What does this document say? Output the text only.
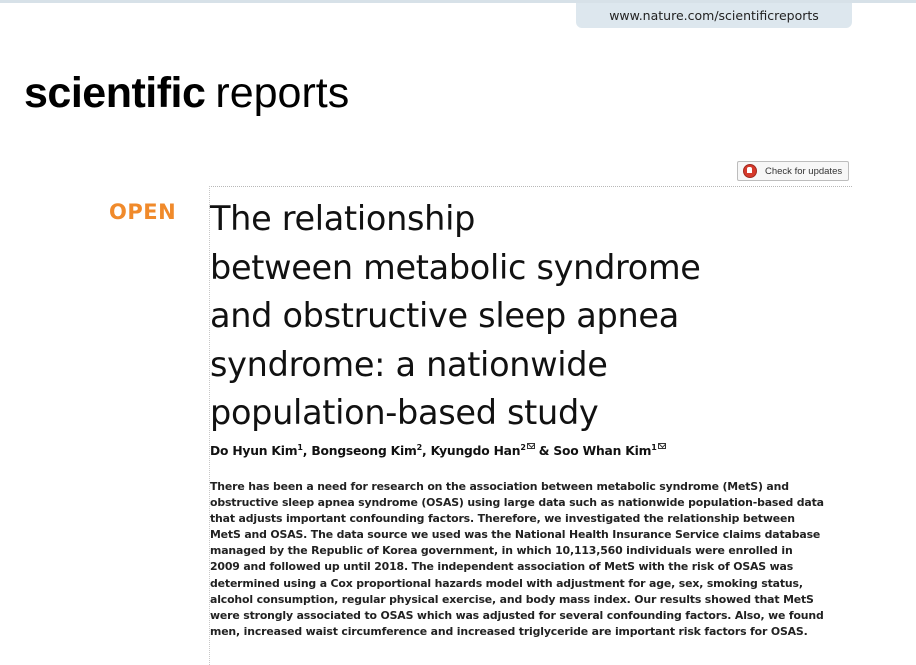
www.nature.com/scientificreports
scientific reports
Check for updates
OPEN The relationship
between metabolic syndrome
and obstructive sleep apnea
syndrome: a nationwide
population-based study
Do Hyun Kim$^1$, Bongseong Kim$^2$, Kyungdo Han$^2$ & Soo Whan Kim$^1$
There has been a need for research on the association between metabolic syndrome (MetS) and
obstructive sleep apnea syndrome (OSAS) using large data such as nationwide population-based data
that adjusts important confounding factors. Therefore, we investigated the relationship between
MetS and OSAS. The data source we used was the National Health Insurance Service claims database
managed by the Republic of Korea government, in which 10,113,560 individuals were enrolled in
2009 and followed up until 2018. The independent association of MetS with the risk of OSAS was
determined using a Cox proportional hazards model with adjustment for age, sex, smoking status,
alcohol consumption, regular physical exercise, and body mass index. Our results showed that MetS
were strongly associated to OSAS which was adjusted for several confounding factors. Also, we found
men, increased waist circumference and increased triglyceride are important risk factors for OSAS.
